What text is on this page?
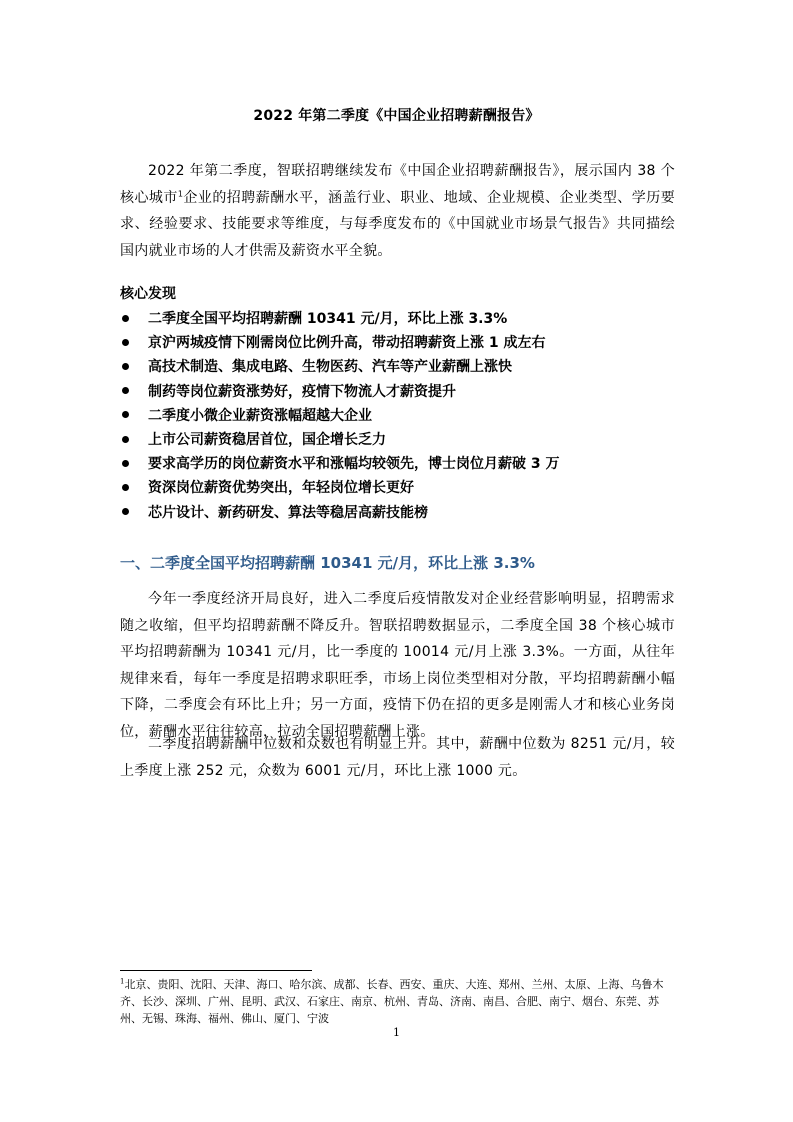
2022 年第二季度《中国企业招聘薪酬报告》

2022 年第二季度，智联招聘继续发布《中国企业招聘薪酬报告》，展示国内 38 个核心城市$^1$企业的招聘薪酬水平，涵盖行业、职业、地域、企业规模、企业类型、学历要求、经验要求、技能要求等维度，与每季度发布的《中国就业市场景气报告》共同描绘国内就业市场的人才供需及薪资水平全貌。

核心发现
二季度全国平均招聘薪酬 10341 元/月，环比上涨 3.3%
京沪两城疫情下刚需岗位比例升高，带动招聘薪资上涨 1 成左右
高技术制造、集成电路、生物医药、汽车等产业薪酬上涨快
制药等岗位薪资涨势好，疫情下物流人才薪资提升
二季度小微企业薪资涨幅超越大企业
上市公司薪资稳居首位，国企增长乏力
要求高学历的岗位薪资水平和涨幅均较领先，博士岗位月薪破 3 万
资深岗位薪资优势突出，年轻岗位增长更好
芯片设计、新药研发、算法等稳居高薪技能榜
一、二季度全国平均招聘薪酬 10341 元/月，环比上涨 3.3%

今年一季度经济开局良好，进入二季度后疫情散发对企业经营影响明显，招聘需求随之收缩，但平均招聘薪酬不降反升。智联招聘数据显示，二季度全国 38 个核心城市平均招聘薪酬为 10341 元/月，比一季度的 10014 元/月上涨 3.3%。一方面，从往年规律来看，每年一季度是招聘求职旺季，市场上岗位类型相对分散，平均招聘薪酬小幅下降，二季度会有环比上升；另一方面，疫情下仍在招的更多是刚需人才和核心业务岗位，薪酬水平往往较高，拉动全国招聘薪酬上涨。

二季度招聘薪酬中位数和众数也有明显上升。其中，薪酬中位数为 8251 元/月，较上季度上涨 252 元，众数为 6001 元/月，环比上涨 1000 元。

$^1$北京、贵阳、沈阳、天津、海口、哈尔滨、成都、长春、西安、重庆、大连、郑州、兰州、太原、上海、乌鲁木齐、长沙、深圳、广州、昆明、武汉、石家庄、南京、杭州、青岛、济南、南昌、合肥、南宁、烟台、东莞、苏州、无锡、珠海、福州、佛山、厦门、宁波

1
